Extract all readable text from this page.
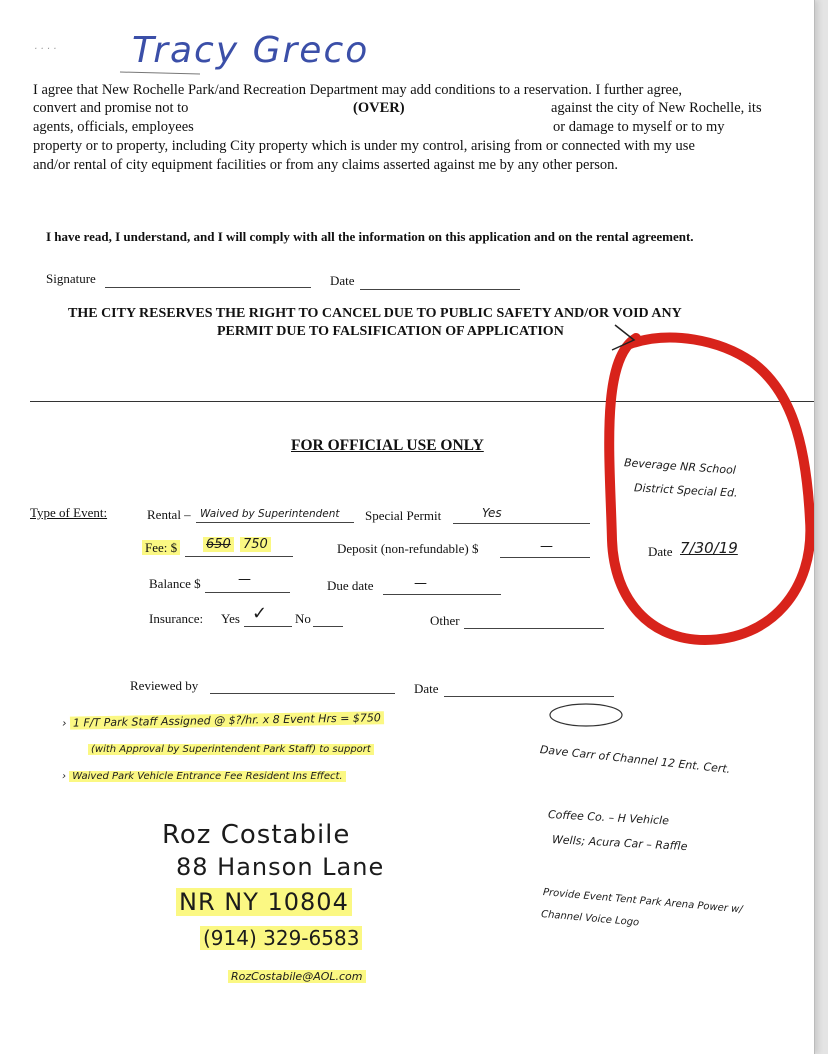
Tracy Greco
· · · ·
I agree that New Rochelle Park/and Recreation Department may add conditions to a reservation. I further agree,
convert and promise not to	(OVER)	against the city of New Rochelle, its
agents, officials, employees	or damage to myself or to my
property or to property, including City property which is under my control, arising from or connected with my use
and/or rental of city equipment facilities or from any claims asserted against me by any other person.
I have read, I understand, and I will comply with all the information on this application and on the rental agreement.
Signature	Date
THE CITY RESERVES THE RIGHT TO CANCEL DUE TO PUBLIC SAFETY AND/OR VOID ANY
PERMIT DUE TO FALSIFICATION OF APPLICATION
FOR OFFICIAL USE ONLY
Type of Event:	Rental – Waived by Superintendent Special Permit	Yes
Fee: $ 650 750	Deposit (non-refundable) $	—
Balance $	—	Due date	—
Insurance: Yes ✓ No	Other
Reviewed by	Date
Beverage NR School
District Special Ed.
Date 7/30/19
› 1 F/T Park Staff Assigned @ $?/hr. x 8 Event Hrs = $750
(with Approval by Superintendent Park Staff) to support
› Waived Park Vehicle Entrance Fee Resident Ins Effect.
Dave Carr of Channel 12 Ent. Cert.
Coffee Co. – H Vehicle
Wells; Acura Car – Raffle
Provide Event Tent Park Arena Power w/ Channel Voice Logo
Roz Costabile
88 Hanson Lane
NR NY 10804
(914) 329-6583
RozCostabile@AOL.com
